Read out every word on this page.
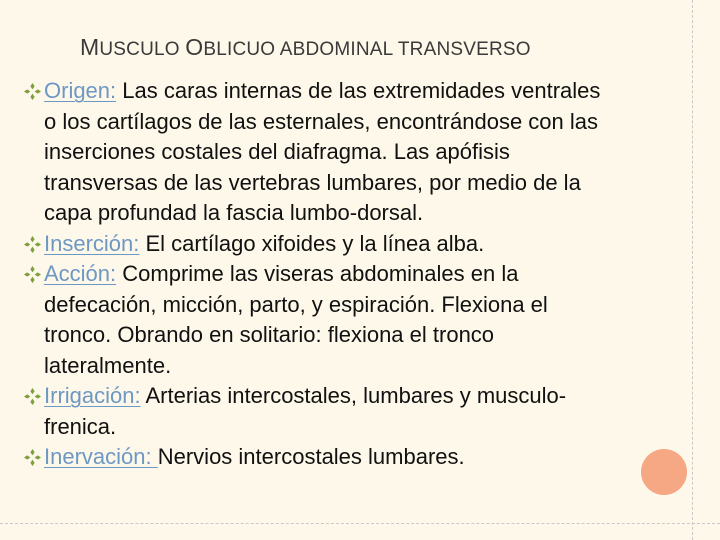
MUSCULO OBLICUO ABDOMINAL TRANSVERSO
Origen: Las caras internas de las extremidades ventrales
o los cartílagos de las esternales, encontrándose con las
inserciones costales del diafragma. Las apófisis
transversas de las vertebras lumbares, por medio de la
capa profundad la fascia lumbo-dorsal.
Inserción: El cartílago xifoides y la línea alba.
Acción: Comprime las viseras abdominales en la
defecación, micción, parto, y espiración. Flexiona el
tronco. Obrando en solitario: flexiona el tronco
lateralmente.
Irrigación: Arterias intercostales, lumbares y musculo-
frenica.
Inervación: Nervios intercostales lumbares.
